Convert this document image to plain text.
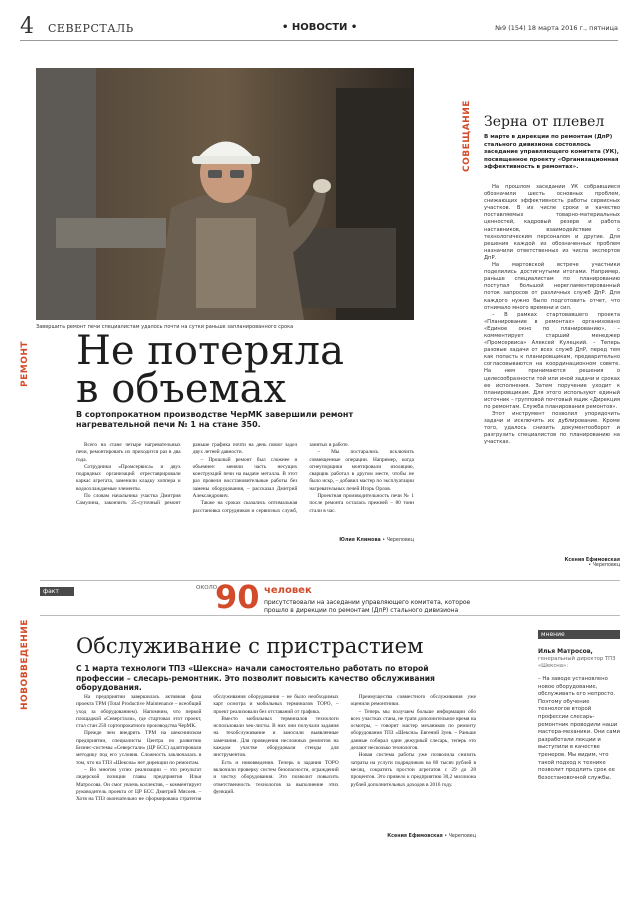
4 СЕВЕРСТАЛЬ	• НОВОСТИ •	№9 (154) 18 марта 2016 г., пятница
Завершить ремонт печи специалистам удалось почти на сутки раньше запланированного срока
РЕМОНТ Не потеряла
в объемах
В сортопрокатном производстве ЧерМК завершили ремонт нагревательной печи № 1 на стане 350.

Всего на стане четыре нагревательных печи, ремонтировать их приходится раз в два года.

Сотрудники «Промсервиса» и двух подрядных организаций отреставрировали каркас агрегата, заменили кладку хоппера и водоохлаждаемые элементы.

По словам начальника участка Дмитрия Самулина, закончить 25-суточный ремонт раньше графика почти на день помог задел двух летней давности.

– Прошлый ремонт был сложнее и объемнее: меняли часть несущих конструкций печи на выдаче металла. В этот раз провели восстановительные работы без замены оборудования, – рассказал Дмитрий Александрович.

Также на сроках сказались оптимальная расстановка сотрудников и сервисных служб, занятых в работе.

– Мы постарались исключить совмещенные операции. Например, когда огнеупорщики монтировали изоляцию, сварщик работал в другом месте, чтобы не было искр, – добавил мастер по эксплуатации нагревательных печей Игорь Орлов.

Проектная производительность печи № 1 после ремонта осталась прежней – 80 тонн стали в час.

Юлия Климова • Череповец
СОВЕЩАНИЕ Зерна от плевел
В марте в дирекции по ремонтам (ДпР) стального дивизиона состоялось заседание управляющего комитета (УК), посвященное проекту «Организационная эффективность в ремонтах».

На прошлом заседании УК собравшиеся обозначили шесть основных проблем, снижающих эффективность работы сервисных участков. В их числе сроки и качество поставляемых товарно-материальных ценностей, кадровый резерв и работа наставников, взаимодействие с технологическим персоналом и другие. Для решения каждой из обозначенных проблем назначили ответственных из числа экспертов ДпР.

На мартовской встрече участники поделились достигнутыми итогами. Например, раньше специалистам по планированию поступал большой нерегламентированный поток запросов от различных служб ДпР. Для каждого нужно было подготовить отчет, что отнимало много времени и сил.

– В рамках стартовавшего проекта «Планирование в ремонтах» организовано «Единое окно по планированию», – комментирует старший менеджер «Промсервиса» Алексей Кулецкий. – Теперь разовые задачи от всех служб ДпР, перед тем как попасть к планировщикам, предварительно согласовываются на координационном совете. На нем принимаются решения о целесообразности той или иной задачи и сроках ее исполнения. Затем поручение уходит к планировщикам. Для этого используют единый источник – групповой почтовый ящик «Дирекция по ремонтам. Служба планирования ремонтов».

Этот инструмент позволил упорядочить задачи и исключить их дублирование. Кроме того, удалось снизить документооборот и разгрузить специалистов по планированию на участках.

Ксения Ефимовская
• Череповец
факт	ОКОЛО
90 человек
присутствовали на заседании управляющего комитета, которое прошло в дирекции по ремонтам (ДпР) стального дивизиона
НОВОВВЕДЕНИЕ Обслуживание с пристрастием
С 1 марта технологи ТПЗ «Шексна» начали самостоятельно работать по второй профессии – слесарь-ремонтник. Это позволит повысить качество обслуживания оборудования.

На предприятии завершилась активная фаза проекта TPM (Total Productive Maintenance – всеобщий уход за оборудованием). Напомним, что первой площадкой «Северстали», где стартовал этот проект, стал стан 250 сортопрокатного производства ЧерМК.

Прежде чем внедрить TPM на шекснинском предприятии, специалисты Центра по развитию Бизнес-системы «Северстали» (ЦР БСС) адаптировали методику под его условия. Сложность заключалась в том, что на ТПЗ «Шексна» нет дирекции по ремонтам.

– Во многом успех реализации – это результат лидерской позиции главы предприятия Ильи Матросова. Он смог увлечь коллектив, – комментирует руководитель проекта от ЦР БСС Дмитрий Мясоев. – Хотя на ТПЗ окончательно не сформирована стратегия обслуживания оборудования – не было необходимых карт осмотра и мобильных терминалов TOPO, – проект реализовали без отставаний от графика.

Вместо мобильных терминалов технологи использовали чек-листы. В них они получали задания на техобслуживание и заносили выявленные замечания. Для проведения несложных ремонтов на каждом участке оборудовали стенды для инструментов.

Есть и нововведения. Теперь в задания TOPO включили проверку систем безопасности, ограждений и чистку оборудования. Это позволит повысить ответственность технологов за выполнение этих функций.

Преимущества совместного обслуживания уже оценили ремонтники.

– Теперь мы получаем больше информации обо всех участках стана, не тратя дополнительное время на осмотры, – говорит мастер механиков по ремонту оборудования ТПЗ «Шексна» Евгений Зуев. – Раньше данные собирал один дежурный слесарь, теперь это делают несколько технологов.

Новая система работы уже позволила снизить затраты на услуги подрядчиков на 80 тысяч рублей в месяц, сократить простои агрегатов с 29 до 28 процентов. Это привело к предприятию 30,2 миллиона рублей дополнительных доходов в 2016 году.

Ксения Ефимовская • Череповец
мнение
Илья Матросов,
генеральный директор ТПЗ «Шексна»:
– На заводе установлено новое оборудование, обслуживать его непросто. Поэтому обучение технологов второй профессии слесарь-ремонтник проводили наши мастера-механики. Они сами разработали лекции и выступили в качестве тренеров. Мы видим, что такой подход к технике позволит продлить срок ее безостановочной службы.
